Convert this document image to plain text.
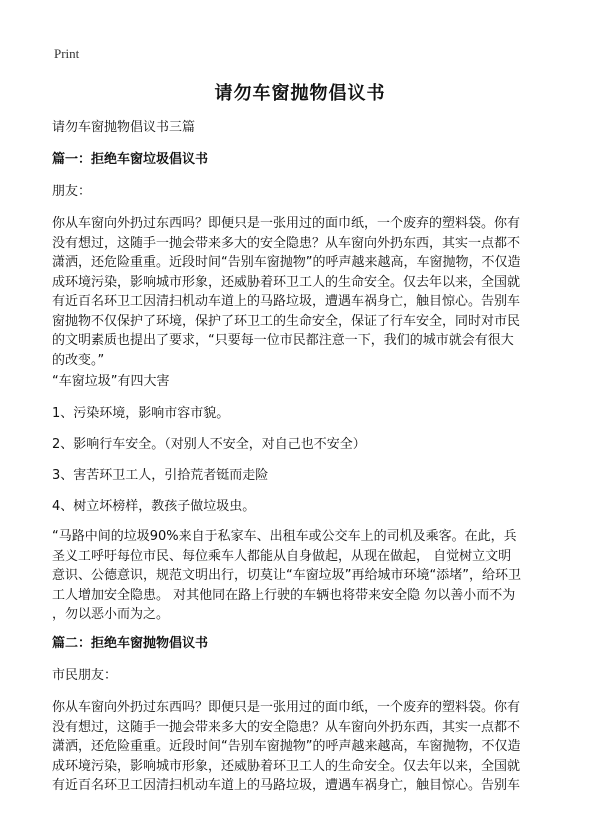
Print
请勿车窗抛物倡议书
请勿车窗抛物倡议书三篇
篇一：拒绝车窗垃圾倡议书
朋友：
你从车窗向外扔过东西吗？即便只是一张用过的面巾纸，一个废弃的塑料袋。你有
没有想过，这随手一抛会带来多大的安全隐患？从车窗向外扔东西，其实一点都不
潇洒，还危险重重。近段时间“告别车窗抛物”的呼声越来越高，车窗抛物，不仅造
成环境污染，影响城市形象，还威胁着环卫工人的生命安全。仅去年以来，全国就
有近百名环卫工因清扫机动车道上的马路垃圾，遭遇车祸身亡，触目惊心。告别车
窗抛物不仅保护了环境，保护了环卫工的生命安全，保证了行车安全，同时对市民
的文明素质也提出了要求，“只要每一位市民都注意一下，我们的城市就会有很大
的改变。”
“车窗垃圾”有四大害
1、污染环境，影响市容市貌。
2、影响行车安全。（对别人不安全，对自己也不安全）
3、害苦环卫工人，引拾荒者铤而走险
4、树立坏榜样，教孩子做垃圾虫。
“马路中间的垃圾90%来自于私家车、出租车或公交车上的司机及乘客。在此，兵
圣义工呼吁每位市民、每位乘车人都能从自身做起，从现在做起， 自觉树立文明
意识、公德意识，规范文明出行，切莫让“车窗垃圾”再给城市环境“添堵”，给环卫
工人增加安全隐患。 对其他同在路上行驶的车辆也将带来安全隐 勿以善小而不为
，勿以恶小而为之。
篇二：拒绝车窗抛物倡议书
市民朋友：
你从车窗向外扔过东西吗？即便只是一张用过的面巾纸，一个废弃的塑料袋。你有
没有想过，这随手一抛会带来多大的安全隐患？从车窗向外扔东西，其实一点都不
潇洒，还危险重重。近段时间“告别车窗抛物”的呼声越来越高，车窗抛物，不仅造
成环境污染，影响城市形象，还威胁着环卫工人的生命安全。仅去年以来，全国就
有近百名环卫工因清扫机动车道上的马路垃圾，遭遇车祸身亡，触目惊心。告别车
